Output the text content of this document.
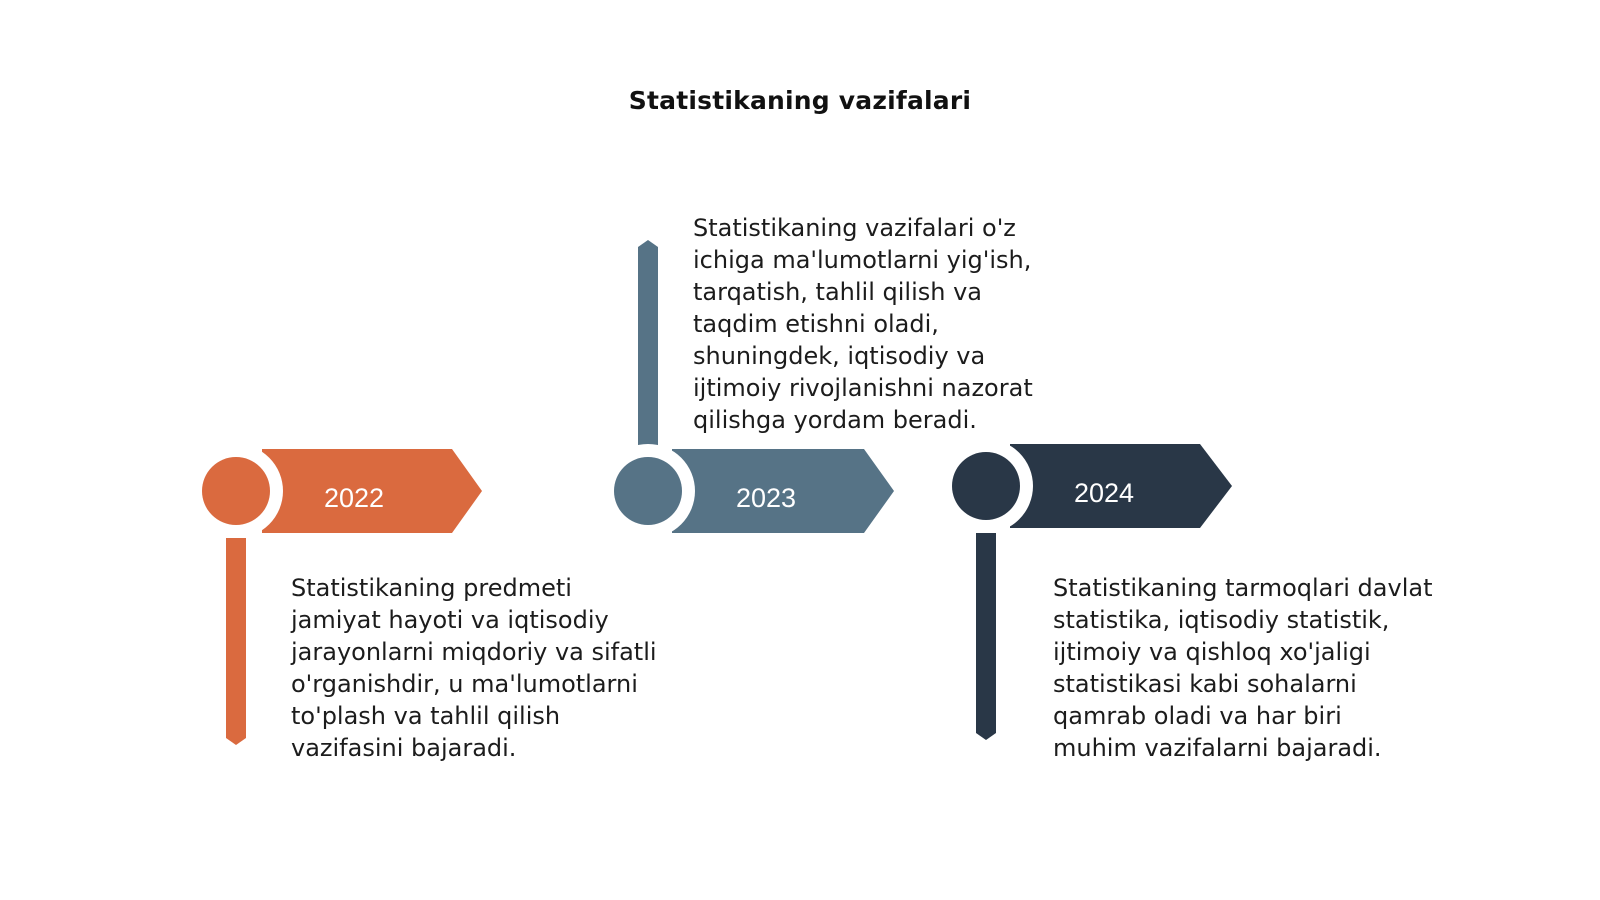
Statistikaning vazifalari
2022	2023	2024

Statistikaning predmeti jamiyat hayoti va iqtisodiy jarayonlarni miqdoriy va sifatli o'rganishdir, u ma'lumotlarni to'plash va tahlil qilish vazifasini bajaradi.

Statistikaning vazifalari o'z ichiga ma'lumotlarni yig'ish, tarqatish, tahlil qilish va taqdim etishni oladi, shuningdek, iqtisodiy va ijtimoiy rivojlanishni nazorat qilishga yordam beradi.

Statistikaning tarmoqlari davlat statistika, iqtisodiy statistik, ijtimoiy va qishloq xo'jaligi statistikasi kabi sohalarni qamrab oladi va har biri muhim vazifalarni bajaradi.
